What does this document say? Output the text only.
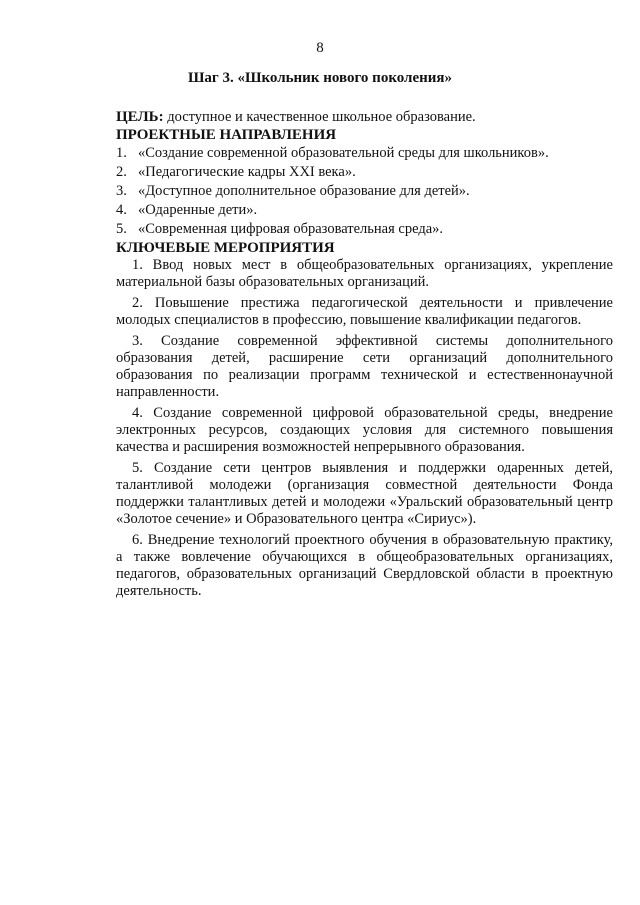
8
Шаг 3. «Школьник нового поколения»
ЦЕЛЬ: доступное и качественное школьное образование.
ПРОЕКТНЫЕ НАПРАВЛЕНИЯ
1. «Создание современной образовательной среды для школьников».
2. «Педагогические кадры XXI века».
3. «Доступное дополнительное образование для детей».
4. «Одаренные дети».
5. «Современная цифровая образовательная среда».
КЛЮЧЕВЫЕ МЕРОПРИЯТИЯ

1. Ввод новых мест в общеобразовательных организациях, укрепление материальной базы образовательных организаций.

2. Повышение престижа педагогической деятельности и привлечение молодых специалистов в профессию, повышение квалификации педагогов.

3. Создание современной эффективной системы дополнительного образования детей, расширение сети организаций дополнительного образования по реализации программ технической и естественнонаучной направленности.

4. Создание современной цифровой образовательной среды, внедрение электронных ресурсов, создающих условия для системного повышения качества и расширения возможностей непрерывного образования.

5. Создание сети центров выявления и поддержки одаренных детей, талантливой молодежи (организация совместной деятельности Фонда поддержки талантливых детей и молодежи «Уральский образовательный центр «Золотое сечение» и Образовательного центра «Сириус»).

6. Внедрение технологий проектного обучения в образовательную практику, а также вовлечение обучающихся в общеобразовательных организациях, педагогов, образовательных организаций Свердловской области в проектную деятельность.
